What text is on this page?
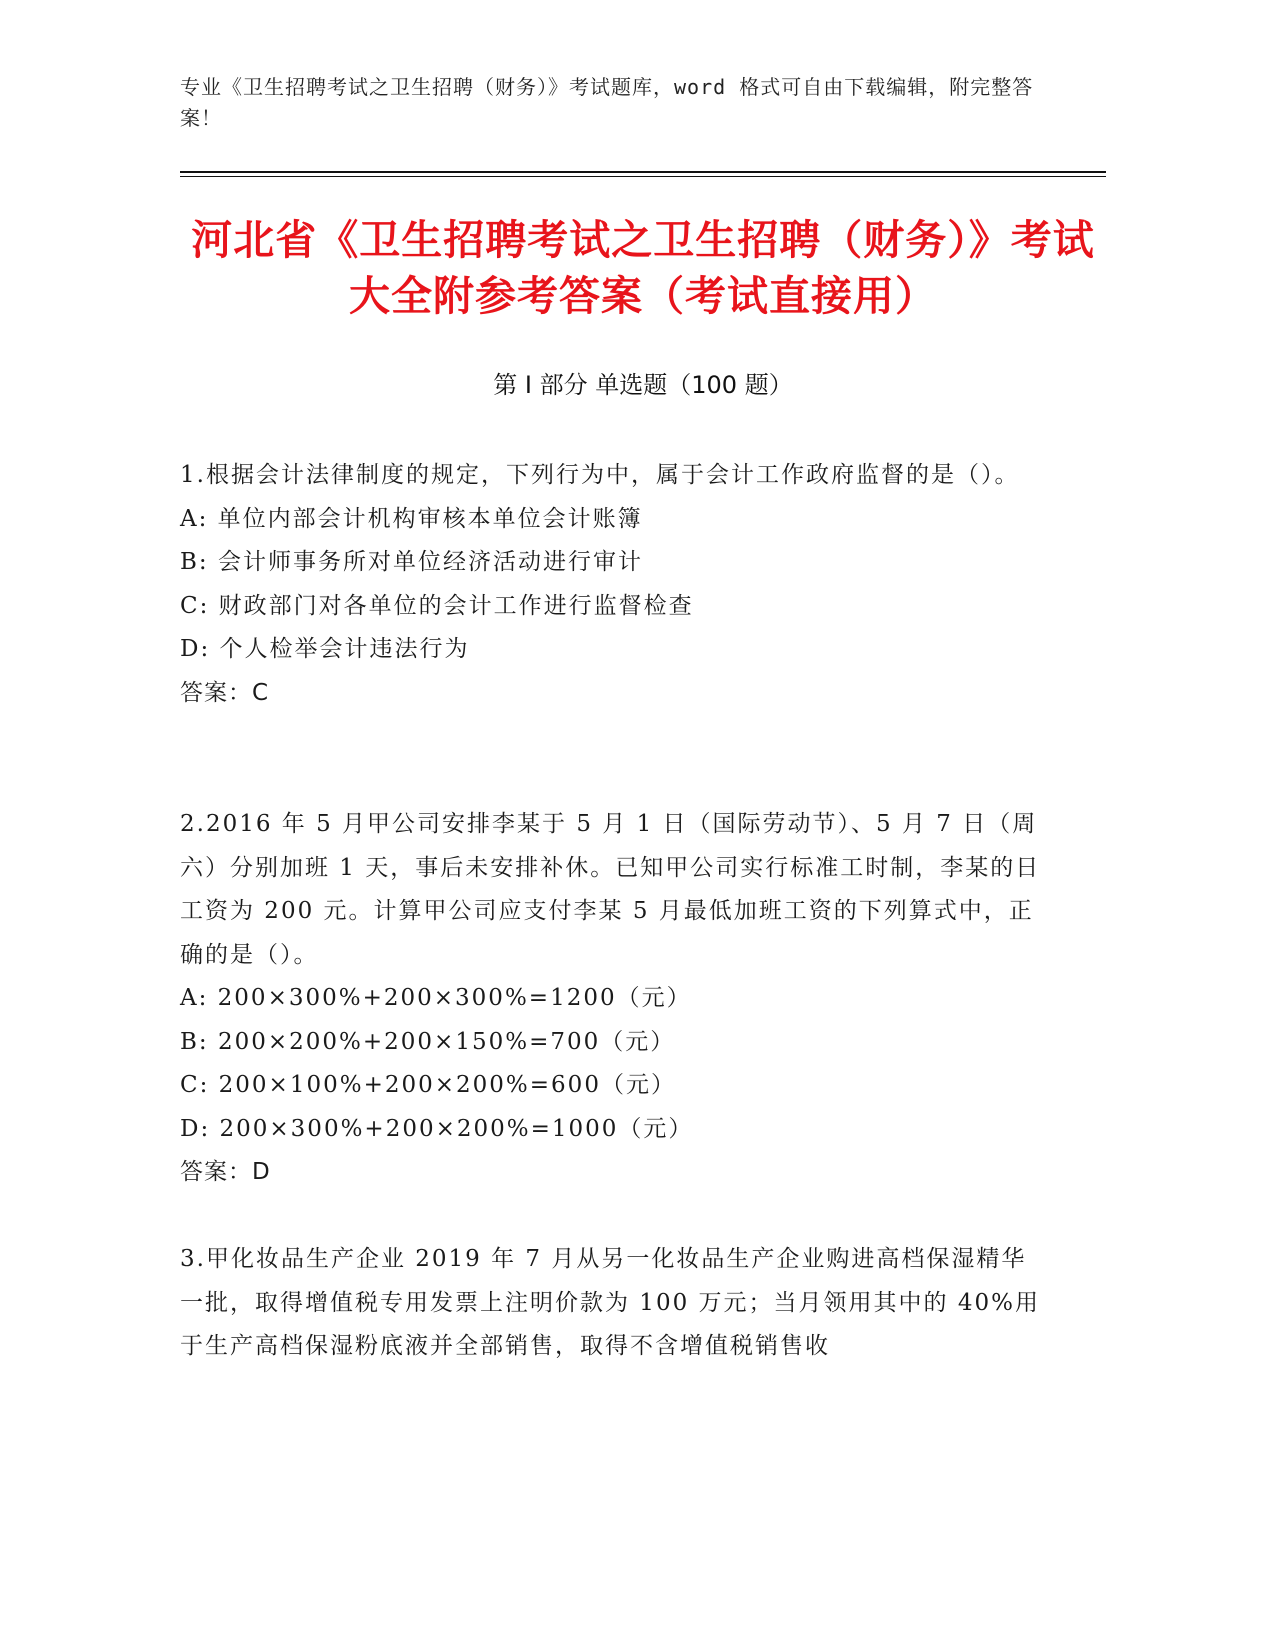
专业《卫生招聘考试之卫生招聘（财务）》考试题库，word 格式可自由下载编辑，附完整答案！
河北省《卫生招聘考试之卫生招聘（财务）》考试大全附参考答案（考试直接用）
第 I 部分 单选题（100 题）

1.根据会计法律制度的规定，下列行为中，属于会计工作政府监督的是（）。

A: 单位内部会计机构审核本单位会计账簿

B: 会计师事务所对单位经济活动进行审计

C: 财政部门对各单位的会计工作进行监督检查

D: 个人检举会计违法行为

答案：C

2.2016 年 5 月甲公司安排李某于 5 月 1 日（国际劳动节）、5 月 7 日（周六）分别加班 1 天，事后未安排补休。已知甲公司实行标准工时制，李某的日工资为 200 元。计算甲公司应支付李某 5 月最低加班工资的下列算式中，正确的是（）。

A: 200×300%+200×300%=1200（元）

B: 200×200%+200×150%=700（元）

C: 200×100%+200×200%=600（元）

D: 200×300%+200×200%=1000（元）

答案：D

3.甲化妆品生产企业 2019 年 7 月从另一化妆品生产企业购进高档保湿精华一批，取得增值税专用发票上注明价款为 100 万元；当月领用其中的 40%用于生产高档保湿粉底液并全部销售，取得不含增值税销售收
